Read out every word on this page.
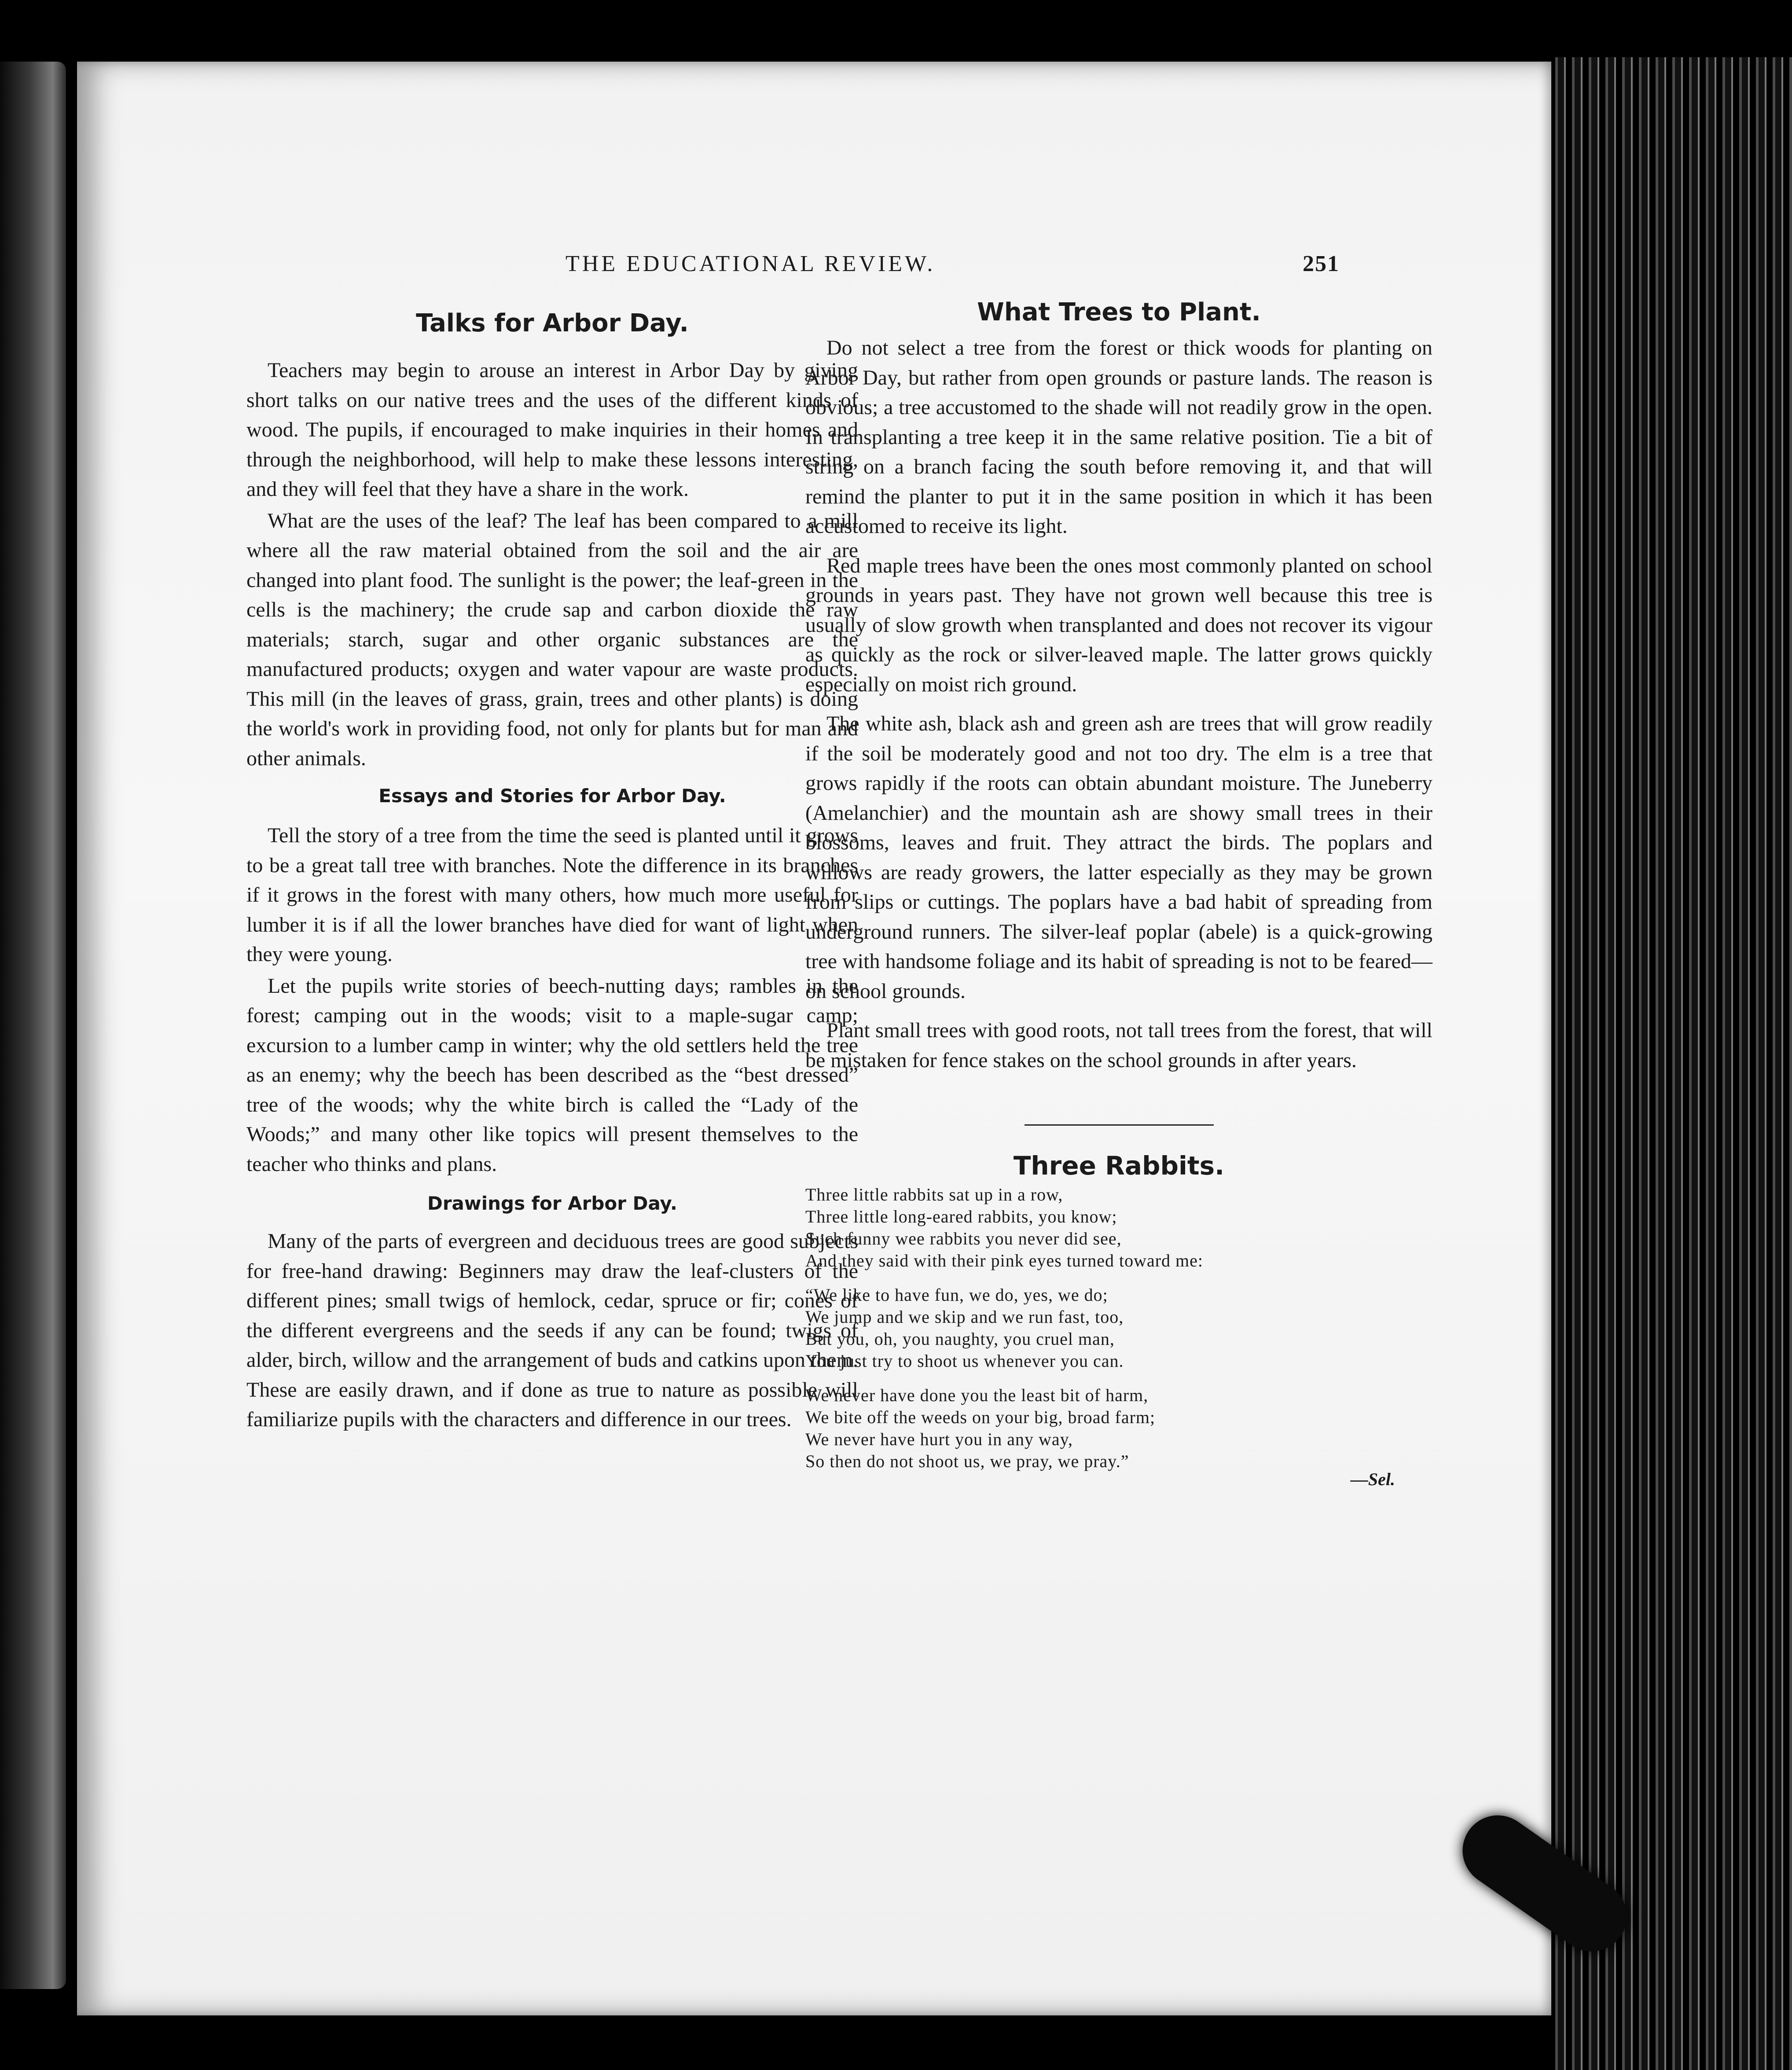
THE EDUCATIONAL REVIEW.	251
Talks for Arbor Day.

Teachers may begin to arouse an interest in Arbor Day by giving short talks on our native trees and the uses of the different kinds of wood. The pupils, if encouraged to make inquiries in their homes and through the neighborhood, will help to make these lessons interesting, and they will feel that they have a share in the work.

What are the uses of the leaf? The leaf has been compared to a mill where all the raw material obtained from the soil and the air are changed into plant food. The sunlight is the power; the leaf-green in the cells is the machinery; the crude sap and carbon dioxide the raw materials; starch, sugar and other organic substances are the manufactured products; oxygen and water vapour are waste products. This mill (in the leaves of grass, grain, trees and other plants) is doing the world's work in providing food, not only for plants but for man and other animals.

Essays and Stories for Arbor Day.

Tell the story of a tree from the time the seed is planted until it grows to be a great tall tree with branches. Note the difference in its branches if it grows in the forest with many others, how much more useful for lumber it is if all the lower branches have died for want of light when they were young.

Let the pupils write stories of beech-nutting days; rambles in the forest; camping out in the woods; visit to a maple-sugar camp; excursion to a lumber camp in winter; why the old settlers held the tree as an enemy; why the beech has been described as the “best dressed” tree of the woods; why the white birch is called the “Lady of the Woods;” and many other like topics will present themselves to the teacher who thinks and plans.

Drawings for Arbor Day.

Many of the parts of evergreen and deciduous trees are good subjects for free-hand drawing: Beginners may draw the leaf-clusters of the different pines; small twigs of hemlock, cedar, spruce or fir; cones of the different evergreens and the seeds if any can be found; twigs of alder, birch, willow and the arrangement of buds and catkins upon them. These are easily drawn, and if done as true to nature as possible will familiarize pupils with the characters and difference in our trees.

What Trees to Plant.

Do not select a tree from the forest or thick woods for planting on Arbor Day, but rather from open grounds or pasture lands. The reason is obvious; a tree accustomed to the shade will not readily grow in the open. In transplanting a tree keep it in the same relative position. Tie a bit of string on a branch facing the south before removing it, and that will remind the planter to put it in the same position in which it has been accustomed to receive its light.

Red maple trees have been the ones most commonly planted on school grounds in years past. They have not grown well because this tree is usually of slow growth when transplanted and does not recover its vigour as quickly as the rock or silver-leaved maple. The latter grows quickly especially on moist rich ground.

The white ash, black ash and green ash are trees that will grow readily if the soil be moderately good and not too dry. The elm is a tree that grows rapidly if the roots can obtain abundant moisture. The Juneberry (Amelanchier) and the mountain ash are showy small trees in their blossoms, leaves and fruit. They attract the birds. The poplars and willows are ready growers, the latter especially as they may be grown from slips or cuttings. The poplars have a bad habit of spreading from underground runners. The silver-leaf poplar (abele) is a quick-growing tree with handsome foliage and its habit of spreading is not to be feared—on school grounds.

Plant small trees with good roots, not tall trees from the forest, that will be mistaken for fence stakes on the school grounds in after years.

Three Rabbits.
Three little rabbits sat up in a row,
Three little long-eared rabbits, you know;
Such funny wee rabbits you never did see,
And they said with their pink eyes turned toward me:
“We like to have fun, we do, yes, we do;
We jump and we skip and we run fast, too,
But you, oh, you naughty, you cruel man,
You just try to shoot us whenever you can.
We never have done you the least bit of harm,
We bite off the weeds on your big, broad farm;
We never have hurt you in any way,
So then do not shoot us, we pray, we pray.”
—Sel.
